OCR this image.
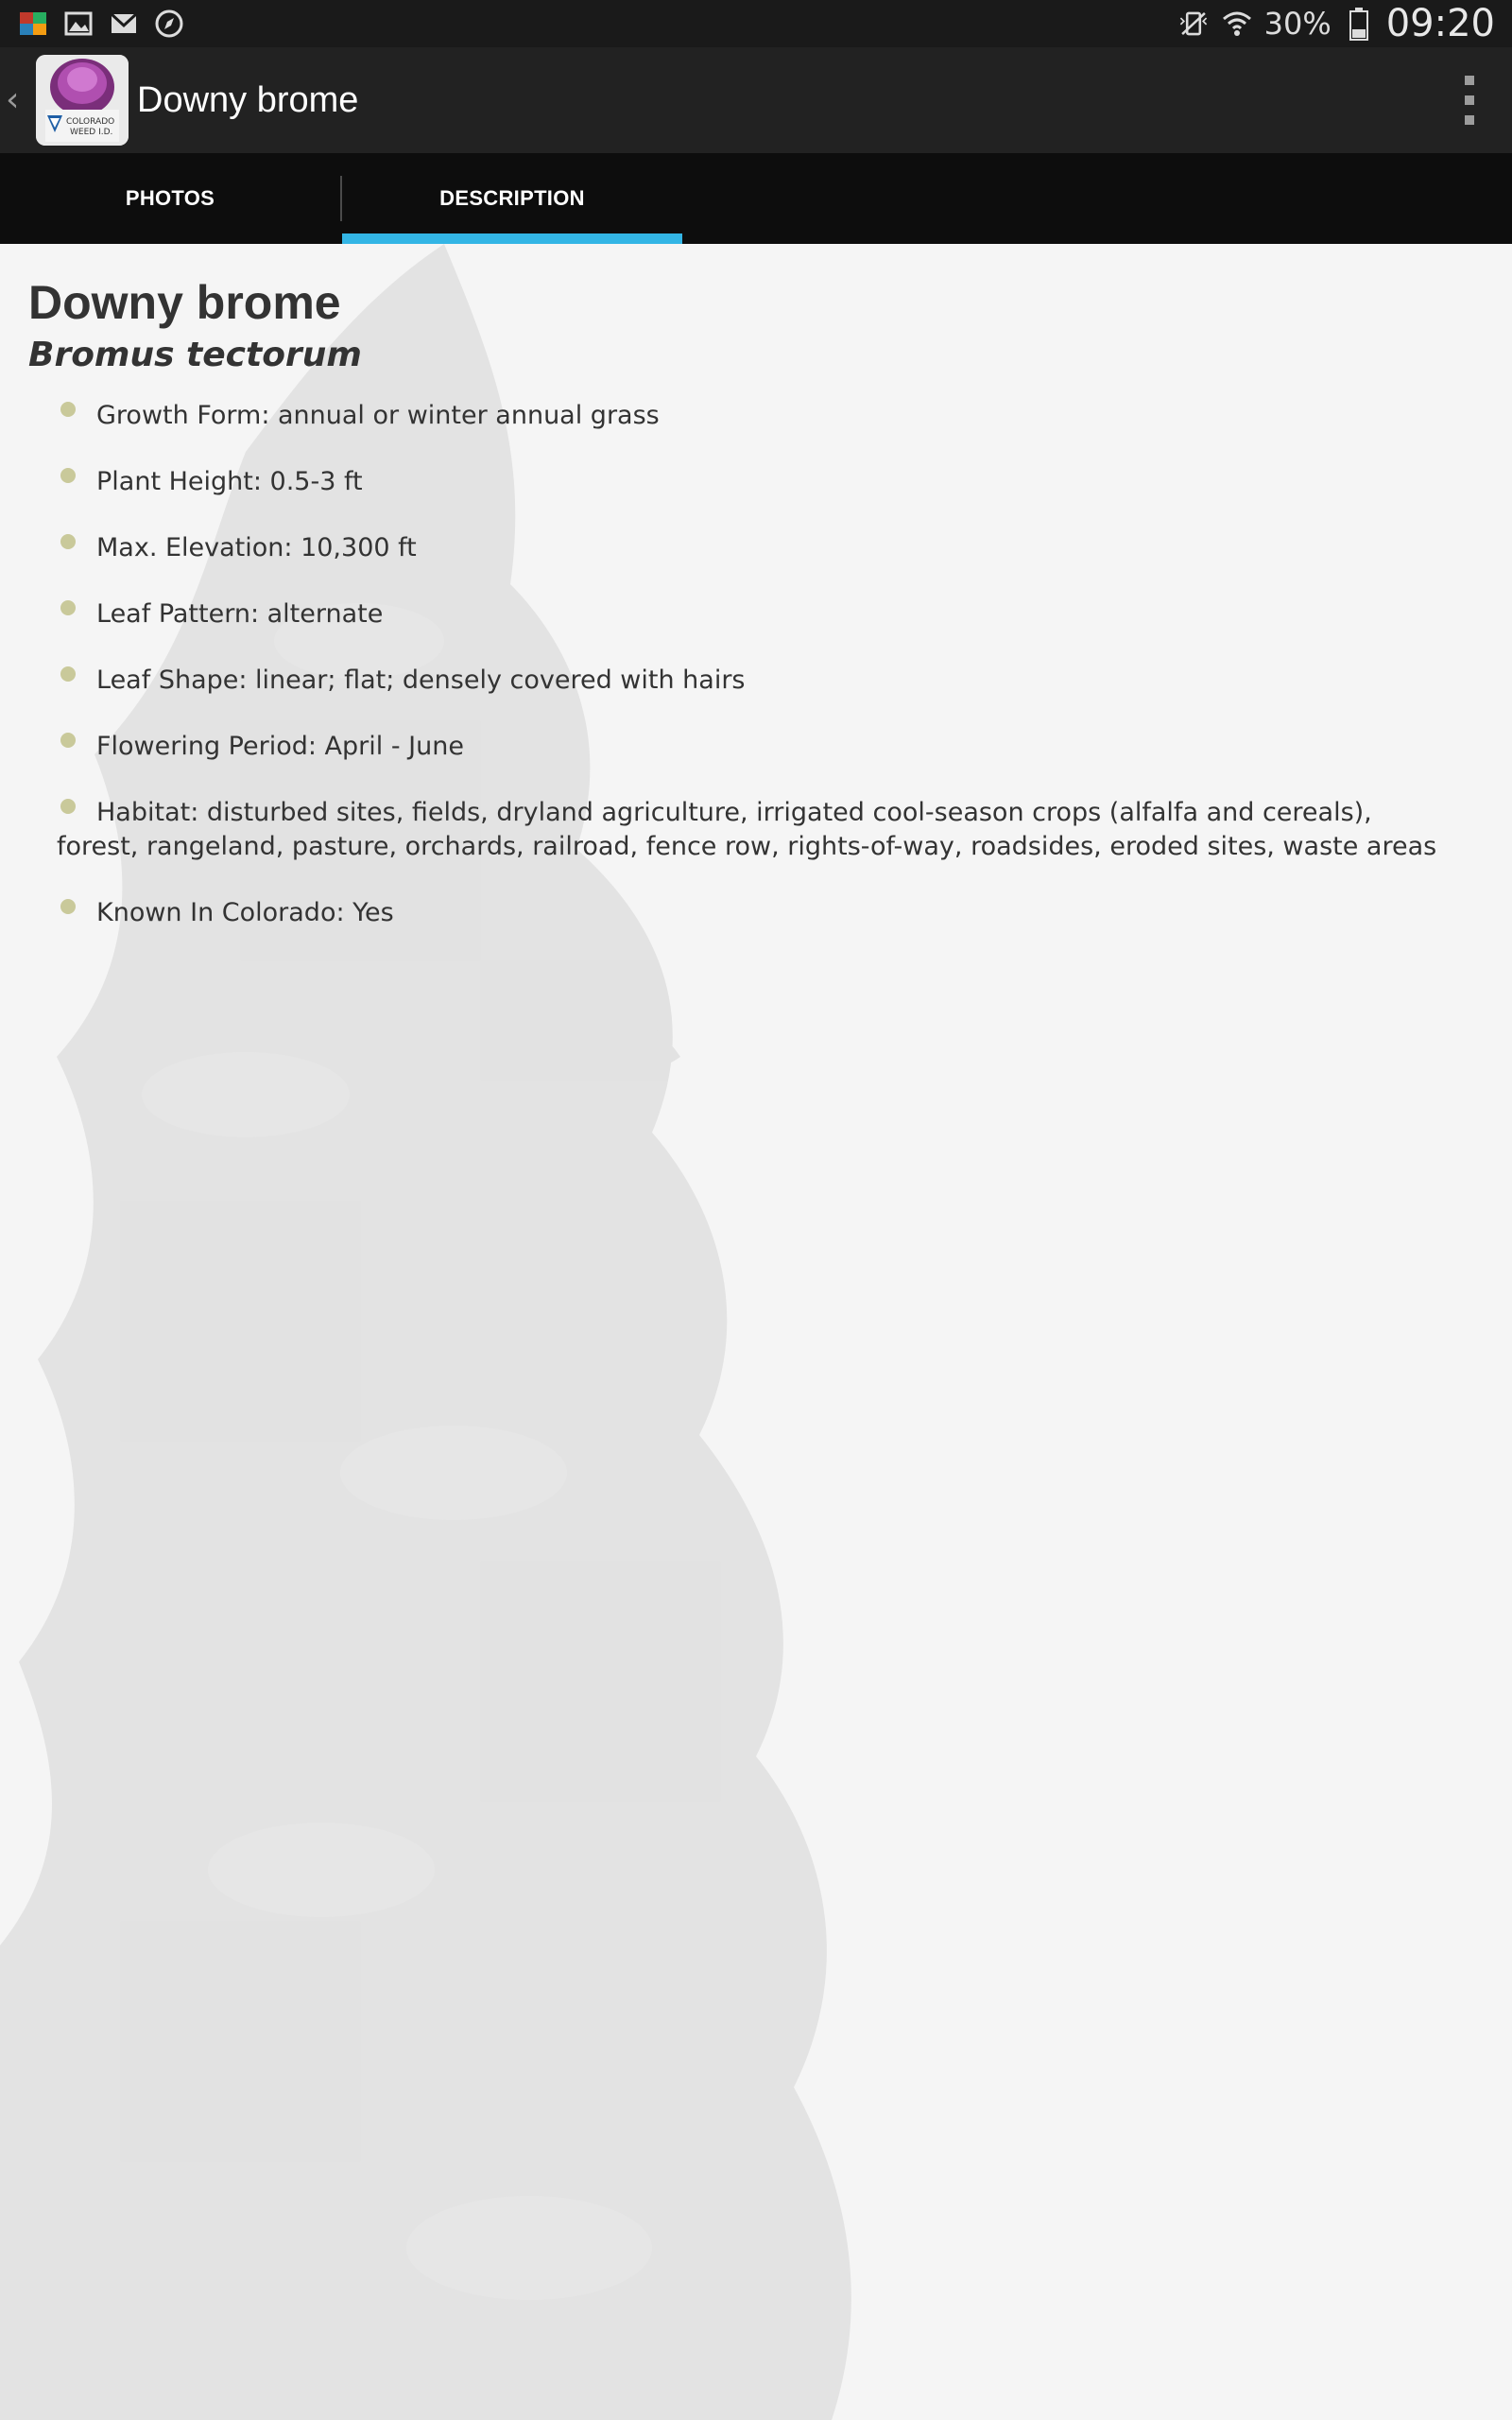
30% 09:20
‹
COLORADO
WEED I.D.
Downy brome
PHOTOS	DESCRIPTION
Downy brome
Bromus tectorum
Growth Form: annual or winter annual grass
Plant Height: 0.5-3 ft
Max. Elevation: 10,300 ft
Leaf Pattern: alternate
Leaf Shape: linear; flat; densely covered with hairs
Flowering Period: April - June
Habitat: disturbed sites, fields, dryland agriculture, irrigated cool-season crops (alfalfa and cereals), forest, rangeland, pasture, orchards, railroad, fence row, rights-of-way, roadsides, eroded sites, waste areas
Known In Colorado: Yes
